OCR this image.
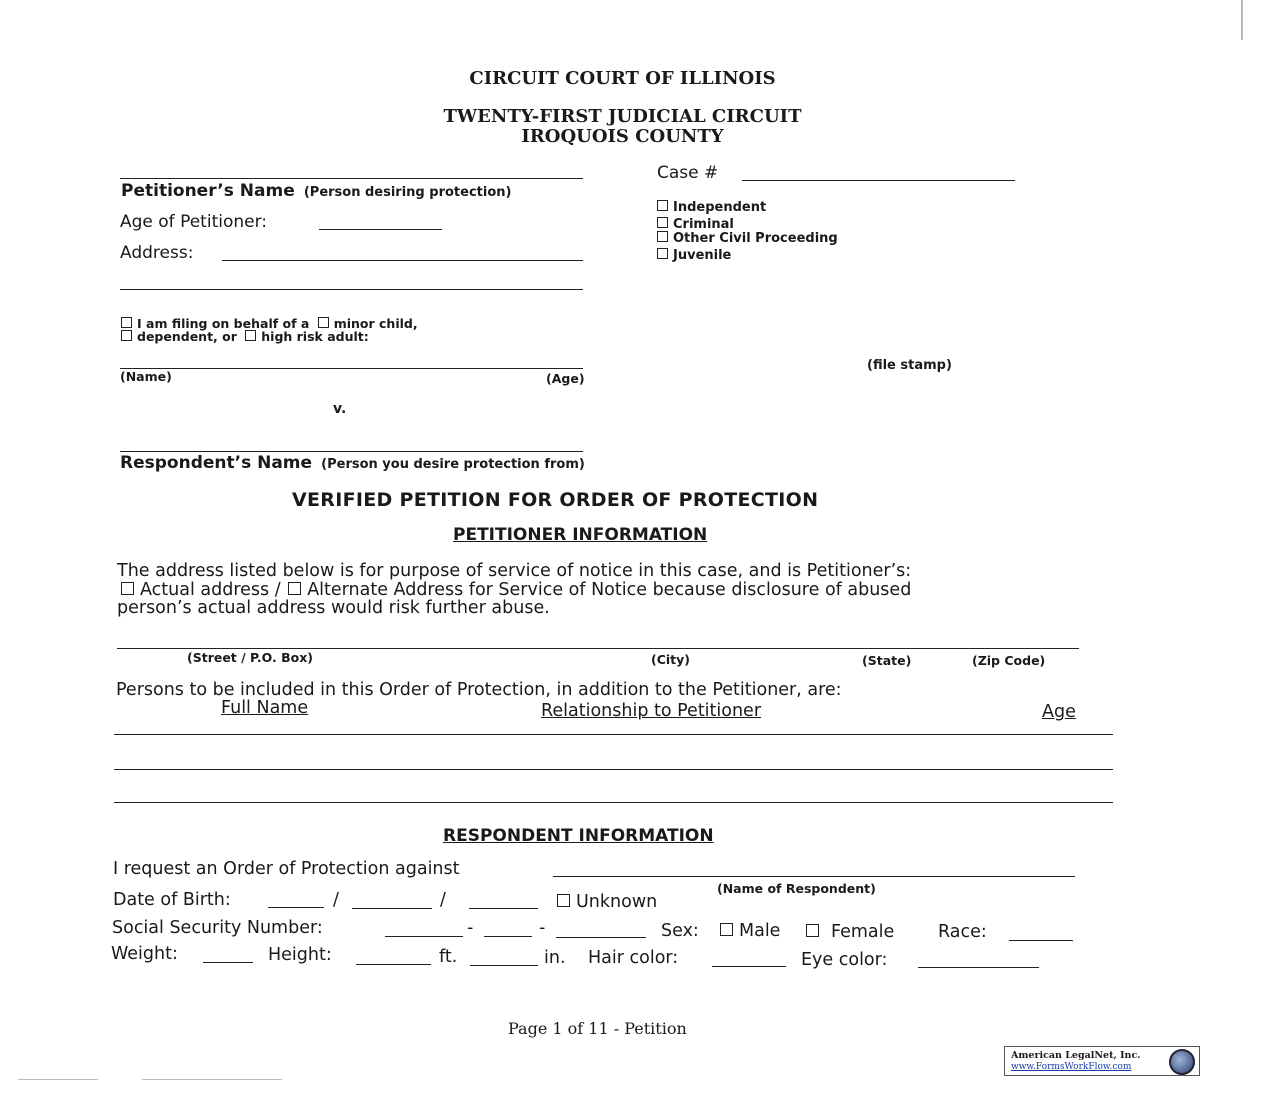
CIRCUIT COURT OF ILLINOIS
TWENTY-FIRST JUDICIAL CIRCUIT
IROQUOIS COUNTY
Petitioner’s Name (Person desiring protection)
Age of Petitioner:
Address:
I am filing on behalf of a minor child,
dependent, or high risk adult:
(Name)	(Age)
v.
Respondent’s Name (Person you desire protection from)
Case #
Independent
Criminal
Other Civil Proceeding
Juvenile
(file stamp)
VERIFIED PETITION FOR ORDER OF PROTECTION
PETITIONER INFORMATION
The address listed below is for purpose of service of notice in this case, and is Petitioner’s:
Actual address / Alternate Address for Service of Notice because disclosure of abused
person’s actual address would risk further abuse.
(Street / P.O. Box)	(City)	(State)	(Zip Code)
Persons to be included in this Order of Protection, in addition to the Petitioner, are:
Full Name	Relationship to Petitioner	Age
RESPONDENT INFORMATION
I request an Order of Protection against
(Name of Respondent)
Date of Birth:	/	/	Unknown
Social Security Number:	-	-	Sex:	Male	Female Race:
Weight:	Height:	ft.	in. Hair color:	Eye color:
Page 1 of 11 - Petition
American LegalNet, Inc.
www.FormsWorkFlow.com
